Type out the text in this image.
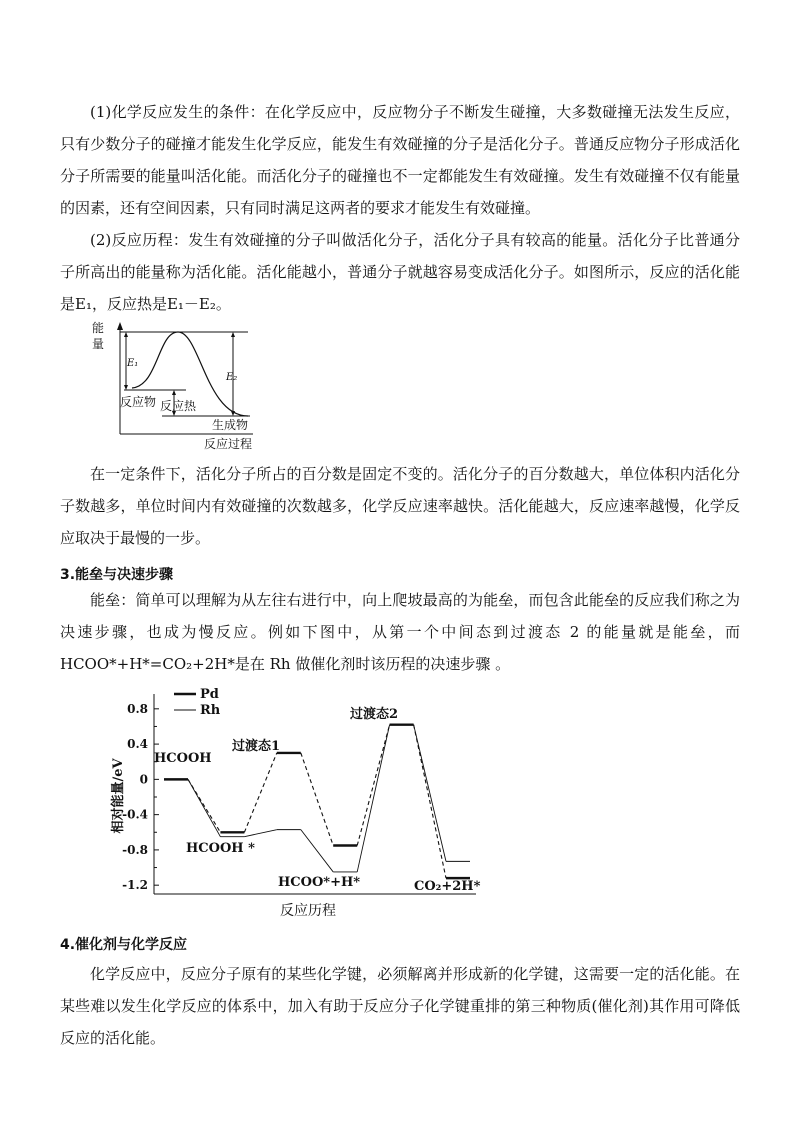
(1)化学反应发生的条件：在化学反应中，反应物分子不断发生碰撞，大多数碰撞无法发生反应，只有少数分子的碰撞才能发生化学反应，能发生有效碰撞的分子是活化分子。普通反应物分子形成活化分子所需要的能量叫活化能。而活化分子的碰撞也不一定都能发生有效碰撞。发生有效碰撞不仅有能量的因素，还有空间因素，只有同时满足这两者的要求才能发生有效碰撞。

(2)反应历程：发生有效碰撞的分子叫做活化分子，活化分子具有较高的能量。活化分子比普通分子所高出的能量称为活化能。活化能越小，普通分子就越容易变成活化分子。如图所示，反应的活化能是E₁，反应热是E₁－E₂。

能
量
E₁
E₂
反应物 反应热
生成物
反应过程

在一定条件下，活化分子所占的百分数是固定不变的。活化分子的百分数越大，单位体积内活化分子数越多，单位时间内有效碰撞的次数越多，化学反应速率越快。活化能越大，反应速率越慢，化学反应取决于最慢的一步。

3.能垒与决速步骤

能垒：简单可以理解为从左往右进行中，向上爬坡最高的为能垒，而包含此能垒的反应我们称之为决速步骤，也成为慢反应。例如下图中，从第一个中间态到过渡态 2 的能量就是能垒，而 HCOO*+H*=CO₂+2H*是在 Rh 做催化剂时该历程的决速步骤 。

0.8
0.4
0
-0.4
-0.8
-1.2
Pd
Rh
相对能量/eV
反应历程
HCOOH
HCOOH *
过渡态1
过渡态2
HCOO*+H*	CO₂+2H*

4.催化剂与化学反应

化学反应中，反应分子原有的某些化学键，必须解离并形成新的化学键，这需要一定的活化能。在某些难以发生化学反应的体系中，加入有助于反应分子化学键重排的第三种物质(催化剂)其作用可降低反应的活化能。
